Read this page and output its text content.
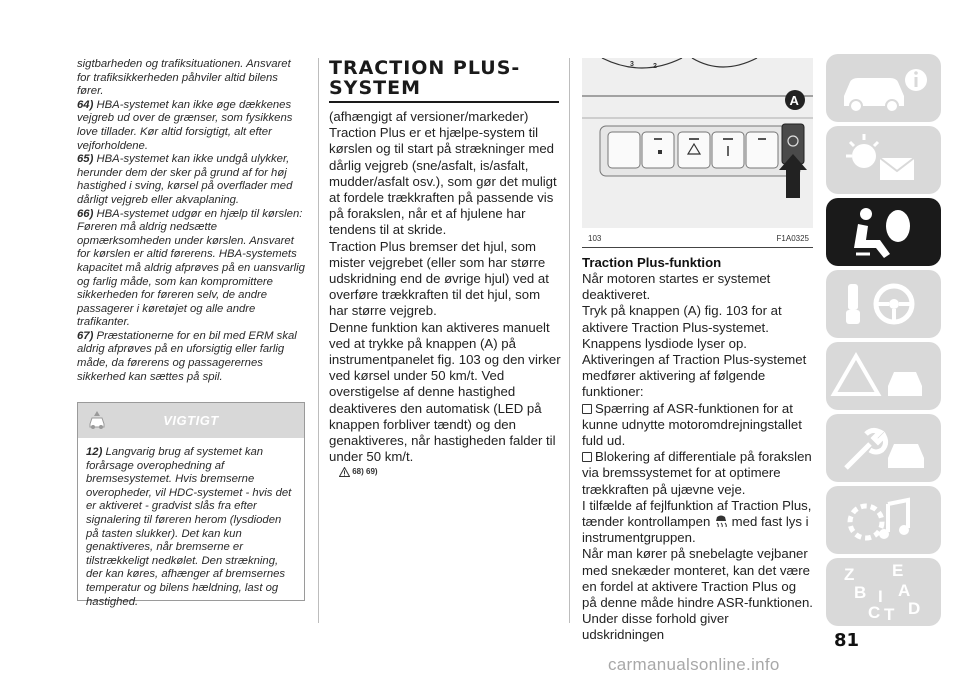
sigtbarheden og trafiksituationen. Ansvaret for trafiksikkerheden påhviler altid bilens fører.

64) HBA-systemet kan ikke øge dækkenes vejgreb ud over de grænser, som fysikkens love tillader. Kør altid forsigtigt, alt efter vejforholdene.

65) HBA-systemet kan ikke undgå ulykker, herunder dem der sker på grund af for høj hastighed i sving, kørsel på overflader med dårligt vejgreb eller akvaplaning.

66) HBA-systemet udgør en hjælp til kørslen: Føreren må aldrig nedsætte opmærksomheden under kørslen. Ansvaret for kørslen er altid førerens. HBA-systemets kapacitet må aldrig afprøves på en uansvarlig og farlig måde, som kan kompromittere sikkerheden for føreren selv, de andre passagerer i køretøjet og alle andre trafikanter.

67) Præstationerne for en bil med ERM skal aldrig afprøves på en uforsigtig eller farlig måde, da førerens og passagerernes sikkerhed kan sættes på spil.

VIGTIGT
12) Langvarig brug af systemet kan forårsage overophedning af bremsesystemet. Hvis bremserne overopheder, vil HDC-systemet - hvis det er aktiveret - gradvist slås fra efter signalering til føreren herom (lysdioden på tasten slukker). Det kan kun genaktiveres, når bremserne er tilstrækkeligt nedkølet. Den strækning, der kan køres, afhænger af bremsernes temperatur og bilens hældning, last og hastighed.
TRACTION PLUS-
SYSTEM

(afhængigt af versioner/markeder)

Traction Plus er et hjælpe-system til kørslen og til start på strækninger med dårlig vejgreb (sne/asfalt, is/asfalt, mudder/asfalt osv.), som gør det muligt at fordele trækkraften på passende vis på forakslen, når et af hjulene har tendens til at skride.

Traction Plus bremser det hjul, som mister vejgrebet (eller som har større udskridning end de øvrige hjul) ved at overføre trækkraften til det hjul, som har større vejgreb.

Denne funktion kan aktiveres manuelt ved at trykke på knappen (A) på instrumentpanelet fig. 103 og den virker ved kørsel under 50 km/t. Ved overstigelse af denne hastighed deaktiveres den automatisk (LED på knappen forbliver tændt) og den genaktiveres, når hastigheden falder til under 50 km/t.

68) 69)
3	2
A
103	F1A0325
Traction Plus-funktion

Når motoren startes er systemet deaktiveret.

Tryk på knappen (A) fig. 103 for at aktivere Traction Plus-systemet. Knappens lysdiode lyser op.

Aktiveringen af Traction Plus-systemet medfører aktivering af følgende funktioner:

Spærring af ASR-funktionen for at kunne udnytte motoromdrejningstallet fuld ud.

Blokering af differentiale på forakslen via bremssystemet for at optimere trækkraften på ujævne veje.

I tilfælde af fejlfunktion af Traction Plus, tænder kontrollampen med fast lys i instrumentgruppen.

Når man kører på snebelagte vejbaner med snekæder monteret, kan det være en fordel at aktivere Traction Plus og på denne måde hindre ASR-funktionen. Under disse forhold giver udskridningen

Z E
B A
C D
T
I
81
carmanualsonline.info
